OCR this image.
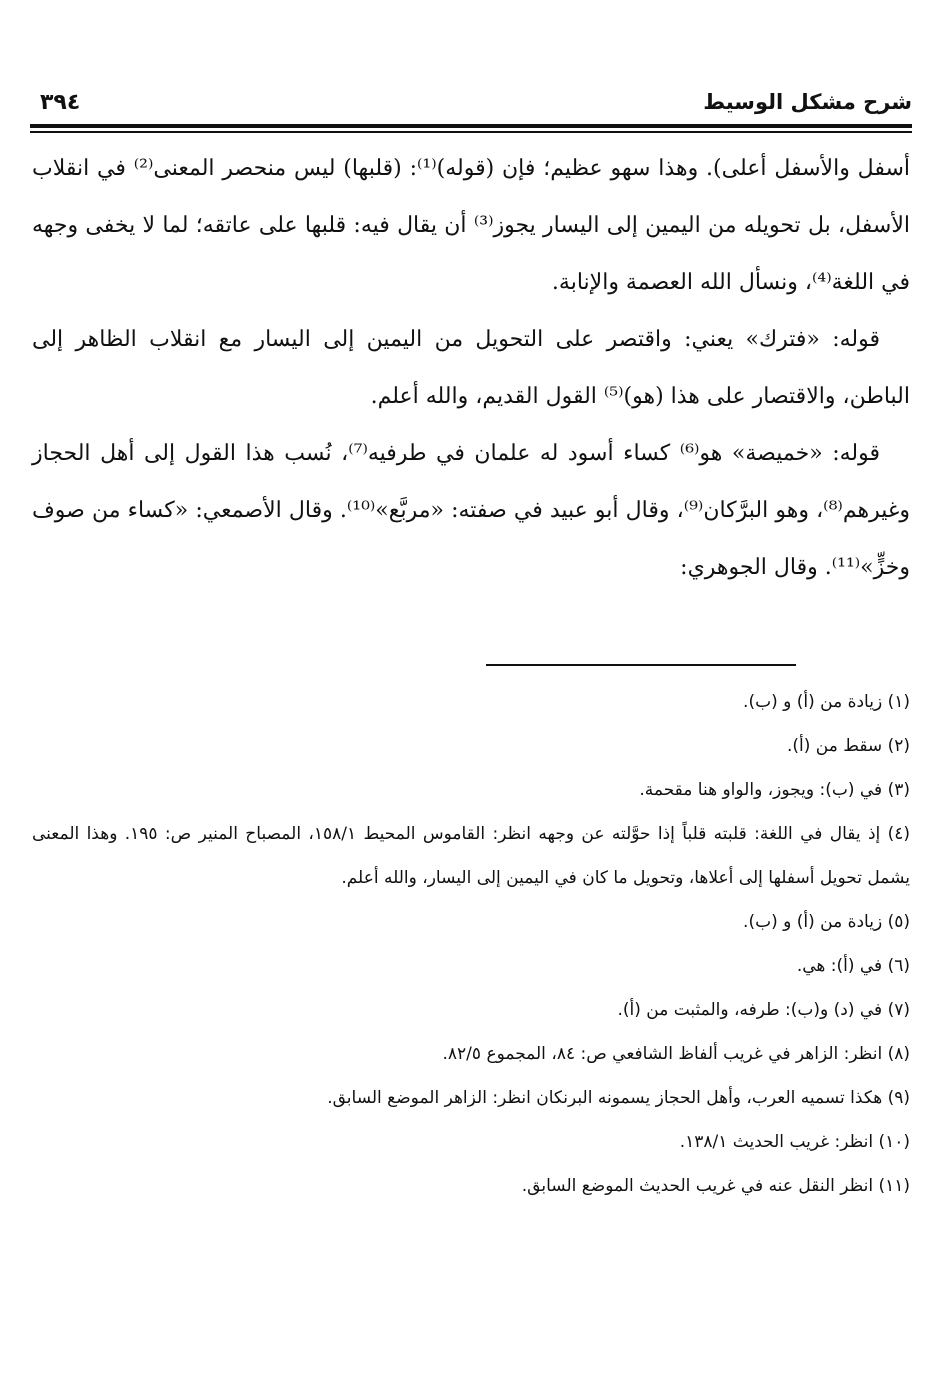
٣٩٤	شرح مشكل الوسيط

أسفل والأسفل أعلى). وهذا سهو عظيم؛ فإن (قوله)⁽¹⁾: (قلبها) ليس منحصر المعنى⁽²⁾ في انقلاب الأسفل، بل تحويله من اليمين إلى اليسار يجوز⁽³⁾ أن يقال فيه: قلبها على عاتقه؛ لما لا يخفى وجهه في اللغة⁽⁴⁾، ونسأل الله العصمة والإنابة.

قوله: «فترك» يعني: واقتصر على التحويل من اليمين إلى اليسار مع انقلاب الظاهر إلى الباطن، والاقتصار على هذا (هو)⁽⁵⁾ القول القديم، والله أعلم.

قوله: «خميصة» هو⁽⁶⁾ كساء أسود له علمان في طرفيه⁽⁷⁾، نُسب هذا القول إلى أهل الحجاز وغيرهم⁽⁸⁾، وهو البرَّكان⁽⁹⁾، وقال أبو عبيد في صفته: «مربَّع»⁽¹⁰⁾. وقال الأصمعي: «كساء من صوف وخزٍّ»⁽¹¹⁾. وقال الجوهري:

(١) زيادة من (أ) و (ب).

(٢) سقط من (أ).

(٣) في (ب): ويجوز، والواو هنا مقحمة.

(٤) إذ يقال في اللغة: قلبته قلباً إذا حوَّلته عن وجهه انظر: القاموس المحيط ١٥٨/١، المصباح المنير ص: ١٩٥. وهذا المعنى يشمل تحويل أسفلها إلى أعلاها، وتحويل ما كان في اليمين إلى اليسار، والله أعلم.

(٥) زيادة من (أ) و (ب).

(٦) في (أ): هي.

(٧) في (د) و(ب): طرفه، والمثبت من (أ).

(٨) انظر: الزاهر في غريب ألفاظ الشافعي ص: ٨٤، المجموع ٨٢/٥.

(٩) هكذا تسميه العرب، وأهل الحجاز يسمونه البرنكان انظر: الزاهر الموضع السابق.

(١٠) انظر: غريب الحديث ١٣٨/١.

(١١) انظر النقل عنه في غريب الحديث الموضع السابق.
